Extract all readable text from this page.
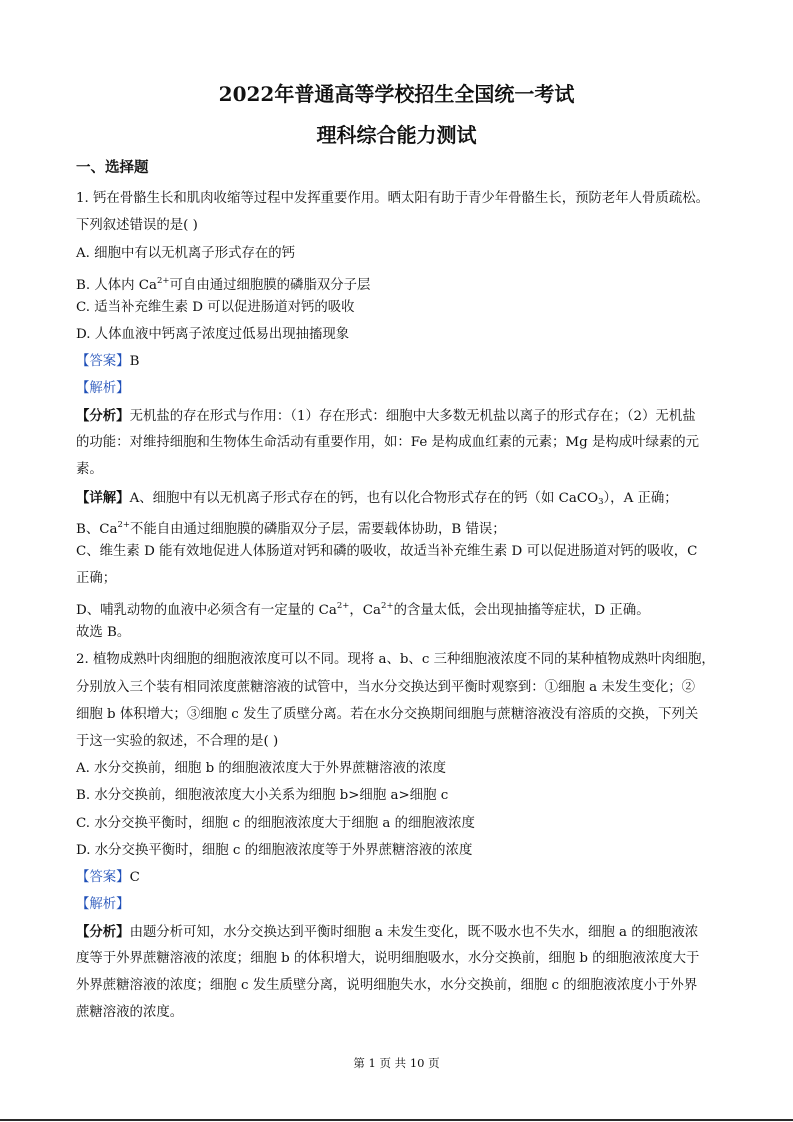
2022年普通高等学校招生全国统一考试
理科综合能力测试
一、选择题
1. 钙在骨骼生长和肌肉收缩等过程中发挥重要作用。晒太阳有助于青少年骨骼生长，预防老年人骨质疏松。
下列叙述错误的是( )
A. 细胞中有以无机离子形式存在的钙
B. 人体内 $Ca^{2+}$可自由通过细胞膜的磷脂双分子层
C. 适当补充维生素 D 可以促进肠道对钙的吸收
D. 人体血液中钙离子浓度过低易出现抽搐现象
【答案】B
【解析】
【分析】无机盐的存在形式与作用：（1）存在形式：细胞中大多数无机盐以离子的形式存在；（2）无机盐
的功能：对维持细胞和生物体生命活动有重要作用，如：Fe 是构成血红素的元素；Mg 是构成叶绿素的元
素。
【详解】A、细胞中有以无机离子形式存在的钙，也有以化合物形式存在的钙（如 CaCO$_3$），A 正确；
B、$Ca^{2+}$不能自由通过细胞膜的磷脂双分子层，需要载体协助，B 错误；
C、维生素 D 能有效地促进人体肠道对钙和磷的吸收，故适当补充维生素 D 可以促进肠道对钙的吸收，C
正确；
D、哺乳动物的血液中必须含有一定量的 $Ca^{2+}$，$Ca^{2+}$的含量太低，会出现抽搐等症状，D 正确。
故选 B。
2. 植物成熟叶肉细胞的细胞液浓度可以不同。现将 a、b、c 三种细胞液浓度不同的某种植物成熟叶肉细胞，
分别放入三个装有相同浓度蔗糖溶液的试管中，当水分交换达到平衡时观察到：①细胞 a 未发生变化；②
细胞 b 体积增大；③细胞 c 发生了质壁分离。若在水分交换期间细胞与蔗糖溶液没有溶质的交换，下列关
于这一实验的叙述，不合理的是( )
A. 水分交换前，细胞 b 的细胞液浓度大于外界蔗糖溶液的浓度
B. 水分交换前，细胞液浓度大小关系为细胞 b>细胞 a>细胞 c
C. 水分交换平衡时，细胞 c 的细胞液浓度大于细胞 a 的细胞液浓度
D. 水分交换平衡时，细胞 c 的细胞液浓度等于外界蔗糖溶液的浓度
【答案】C
【解析】
【分析】由题分析可知，水分交换达到平衡时细胞 a 未发生变化，既不吸水也不失水，细胞 a 的细胞液浓
度等于外界蔗糖溶液的浓度；细胞 b 的体积增大，说明细胞吸水，水分交换前，细胞 b 的细胞液浓度大于
外界蔗糖溶液的浓度；细胞 c 发生质壁分离，说明细胞失水，水分交换前，细胞 c 的细胞液浓度小于外界
蔗糖溶液的浓度。
第 1 页 共 10 页
